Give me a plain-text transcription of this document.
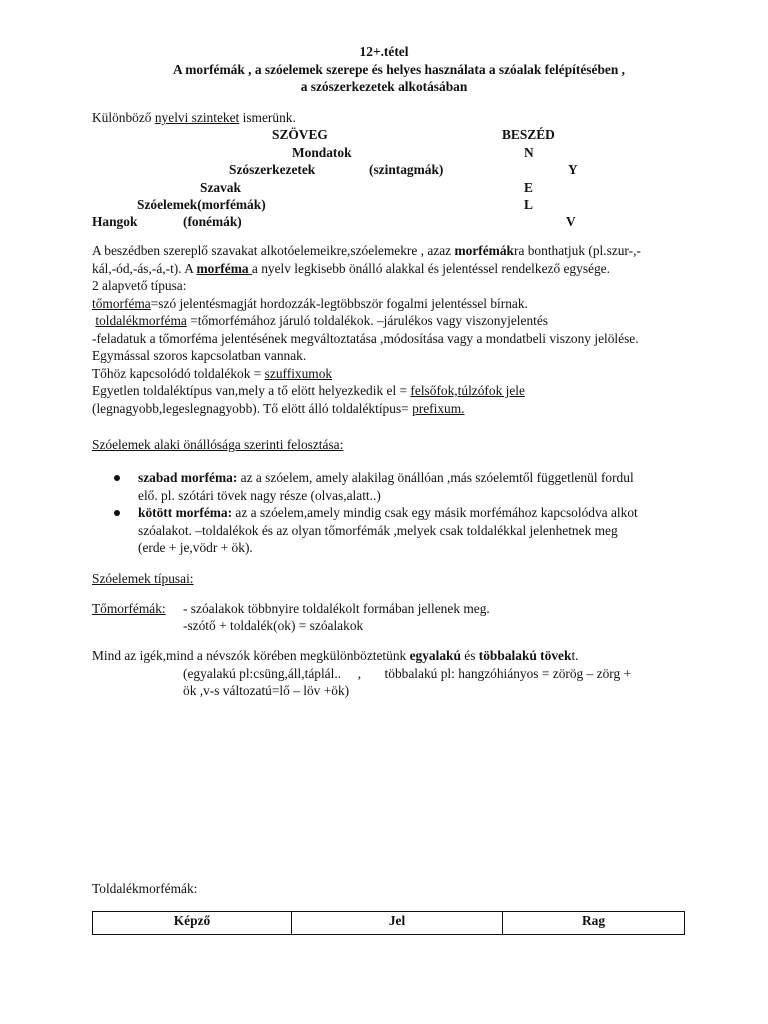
12+.tétel
A morfémák , a szóelemek szerepe és helyes használata a szóalak felépítésében ,
a szószerkezetek alkotásában
Különböző nyelvi szinteket ismerünk.
SZÖVEG	BESZÉD
Mondatok	N
Szószerkezetek	(szintagmák)	Y
Szavak	E
Szóelemek(morfémák)	L
Hangok	(fonémák)	V
A beszédben szereplő szavakat alkotóelemeikre,szóelemekre , azaz morfémákra bonthatjuk (pl.szur-,-
kál,-ód,-ás,-á,-t). A morféma a nyelv legkisebb önálló alakkal és jelentéssel rendelkező egysége.
2 alapvető típusa:
tőmorféma=szó jelentésmagját hordozzák-legtöbbször fogalmi jelentéssel bírnak.
toldalékmorféma =tőmorfémához járuló toldalékok. –járulékos vagy viszonyjelentés
-feladatuk a tőmorféma jelentésének megváltoztatása ,módosítása vagy a mondatbeli viszony jelölése.
Egymással szoros kapcsolatban vannak.
Tőhöz kapcsolódó toldalékok = szuffixumok
Egyetlen toldaléktípus van,mely a tő elött helyezkedik el = felsőfok,túlzófok jele
(legnagyobb,legeslegnagyobb). Tő elött álló toldaléktípus= prefixum.
Szóelemek alaki önállósága szerinti felosztása:
szabad morféma: az a szóelem, amely alakilag önállóan ,más szóelemtől függetlenül fordul
elő. pl. szótári tövek nagy része (olvas,alatt..)
kötött morféma: az a szóelem,amely mindig csak egy másik morfémához kapcsolódva alkot
szóalakot. –toldalékok és az olyan tőmorfémák ,melyek csak toldalékkal jelenhetnek meg
(erde + je,vödr + ök).
Szóelemek típusai:
Tőmorfémák: - szóalakok többnyire toldalékolt formában jellenek meg.
-szótő + toldalék(ok) = szóalakok
Mind az igék,mind a névszók körében megkülönböztetünk egyalakú és többalakú tövekt.
(egyalakú pl:csüng,áll,táplál..     ,       többalakú pl: hangzóhiányos = zörög – zörg +
ök ,v-s változatú=lő – löv +ök)
Toldalékmorfémák:
Képző	Jel	Rag
